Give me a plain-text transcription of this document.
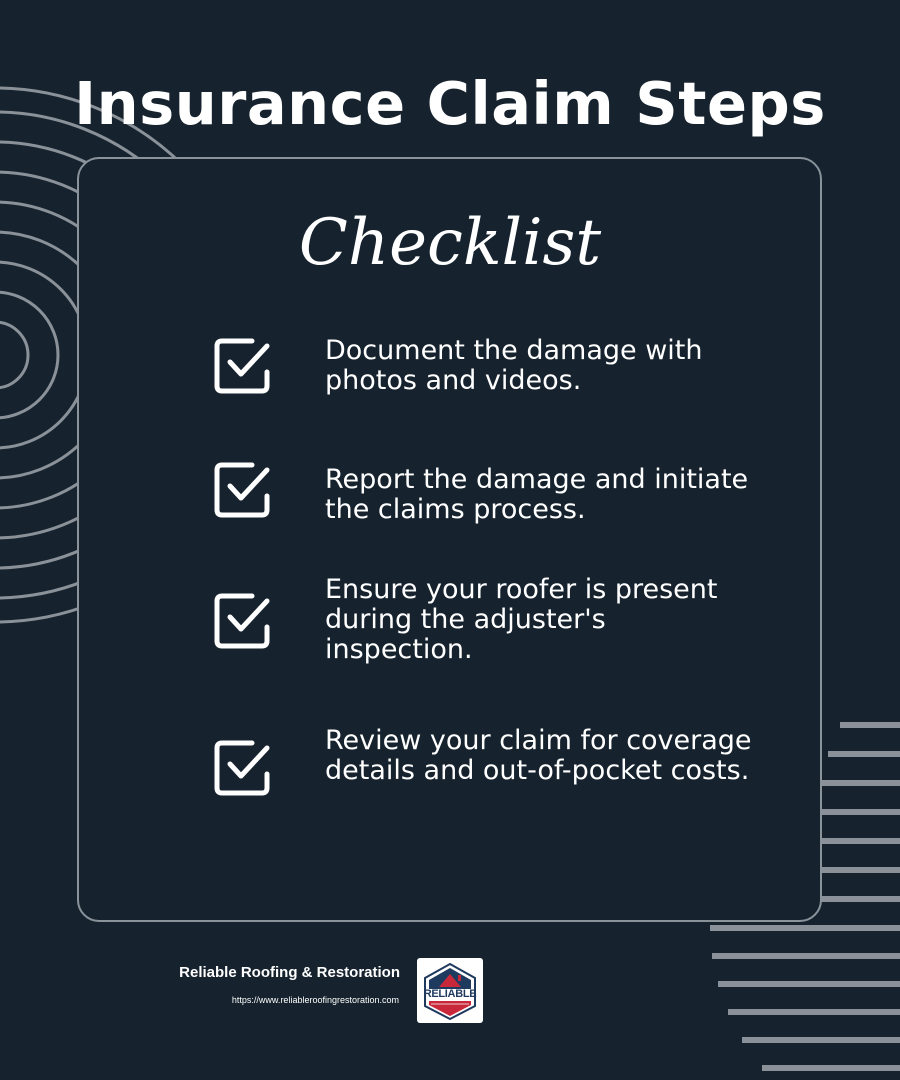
Insurance Claim Steps
Checklist
Document the damage with photos and videos.
Report the damage and initiate the claims process.
Ensure your roofer is present during the adjuster's inspection.
Review your claim for coverage details and out-of-pocket costs.
Reliable Roofing & Restoration
https://www.reliableroofingrestoration.com	RELIABLE
